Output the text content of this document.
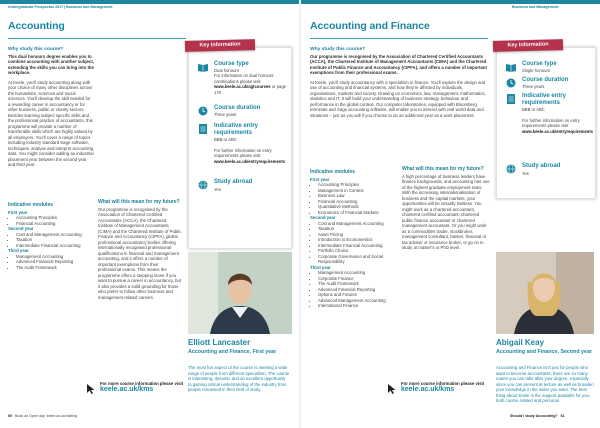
Undergraduate Prospectus 2017 | Business and Management
Accounting
Key Information
Course type
Dual honours
For information on dual honours combinations please visit www.keele.ac.uk/agtcourses or page 176
Course duration
Three years
Indicative entry requirements
BBB or ABC

For further information on entry requirements please visit www.keele.ac.uk/entryrequirements
Study abroad
Yes
Why study this course?

This dual honours degree enables you to combine accounting with another subject, extending the skills you can bring into the workplace.

At Keele, you'll study accounting along with your choice of many other disciplines across the humanities, sciences and social sciences. You'll develop the skill needed for a rewarding career in accountancy or for other business, public or charity sectors. Besides learning subject specific skills and the professional practice of accountants, this programme will provide a number of transferable skills which are highly valued by all employers. You'll cover a range of topics including industry standard Sage software, techniques, analyse and interpret accounting data. You might consider adding an industrial placement year between the second year and third year.

Indicative modules
First year
• Accounting Principles
• Financial Accounting
Second year
• Cost and Management Accounting
• Taxation
• Intermediate Financial Accounting
Third year
• Management Accounting
• Advanced Financial Reporting
• The Audit Framework
What will this mean for my future?

Our programme is recognised by the Association of Chartered Certified Accountants (ACCA), the Chartered Institute of Management Accountants (CIMA) and the Chartered Institute of Public Finance and Accountancy (CIPFA), global professional accountancy bodies offering internationally recognised professional qualifications in financial and management accounting, and it offers a number of important exemptions from their professional exams. This means the programme offers a stepping stone if you want to pursue a career in accountancy, but it also provides a solid grounding for those who prefer to follow other business and management related careers.

Elliott Lancaster
Accounting and Finance, First year
The most fun aspect of the course is meeting a wide range of people from different specialism. The course is interesting, dynamic and an excellent opportunity to gaining critical understanding of the industry from people renowned in their field of study.
For more course information please visit
keele.ac.uk/kms
60 Book an Open day: keele.ac.uk/visiting
Business and Management
Accounting and Finance
Key Information
Course type
Single honours
Course duration
Three years
Indicative entry requirements
BBB or ABC

For further information on entry requirements please visit www.keele.ac.uk/entryrequirements
Study abroad
Yes
Why study this course?

Our programme is recognised by the Association of Chartered Certified Accountants (ACCA), the Chartered Institute of Management Accountants (CIMA) and the Chartered Institute of Public Finance and Accountancy (CIPFA), and offers a number of important exemptions from their professional exams.

At Keele, you'll study accountancy with a specialism in finance. You'll explore the design and use of accounting and financial systems, and how they're affected by individuals, organisations, markets and society. Drawing on economics, law, management, mathematics, statistics and IT, it will build your understanding of business strategy, behaviour and performance in the global context. Our computer laboratories, equipped with Bloomberg terminals and Sage accounting software, will enable you to interact with real world data and situations – just as you will if you choose to do an additional year as a work placement.

Indicative modules
First year
• Accounting Principles
• Management in Context
• Business Law
• Financial Accounting
• Quantitative Methods
• Economics of Financial Markets
Second year
• Cost and Management Accounting
• Taxation
• Asset Pricing
• Introduction to Econometrics
• Intermediate Financial Accounting
• Portfolio Choice
• Corporate Governance and Social Responsibility
Third year
• Management Accounting
• Corporate Finance
• The Audit Framework
• Advanced Financial Reporting
• Options and Futures
• Advanced Management Accounting
• International Finance
What will this mean for my future?

A high percentage of business leaders have finance backgrounds, and accounting has one of the highest graduate employment rates. With the increasing internationalisation of business and the capital markets, your opportunities will be virtually limitless. You might work as a chartered accountant, chartered certified accountant, chartered public finance accountant or chartered management accountant. Or you might work as a commodities trader, stockbroker, management consultant, banker, financial or tax adviser or insurance broker, or go on to study at master's or PhD level.

Abigail Keay
Accounting and Finance, Second year
Accounting and Finance isn't just for people who want to become accountants; there are so many routes you can take after your degree, especially since you can present at lecture as well as broaden your knowledge in the wider you want. The best thing about Keele is the support available for you, both course related and personal.
For more course information please visit
keele.ac.uk/kms
Should I study Accounting? 61
